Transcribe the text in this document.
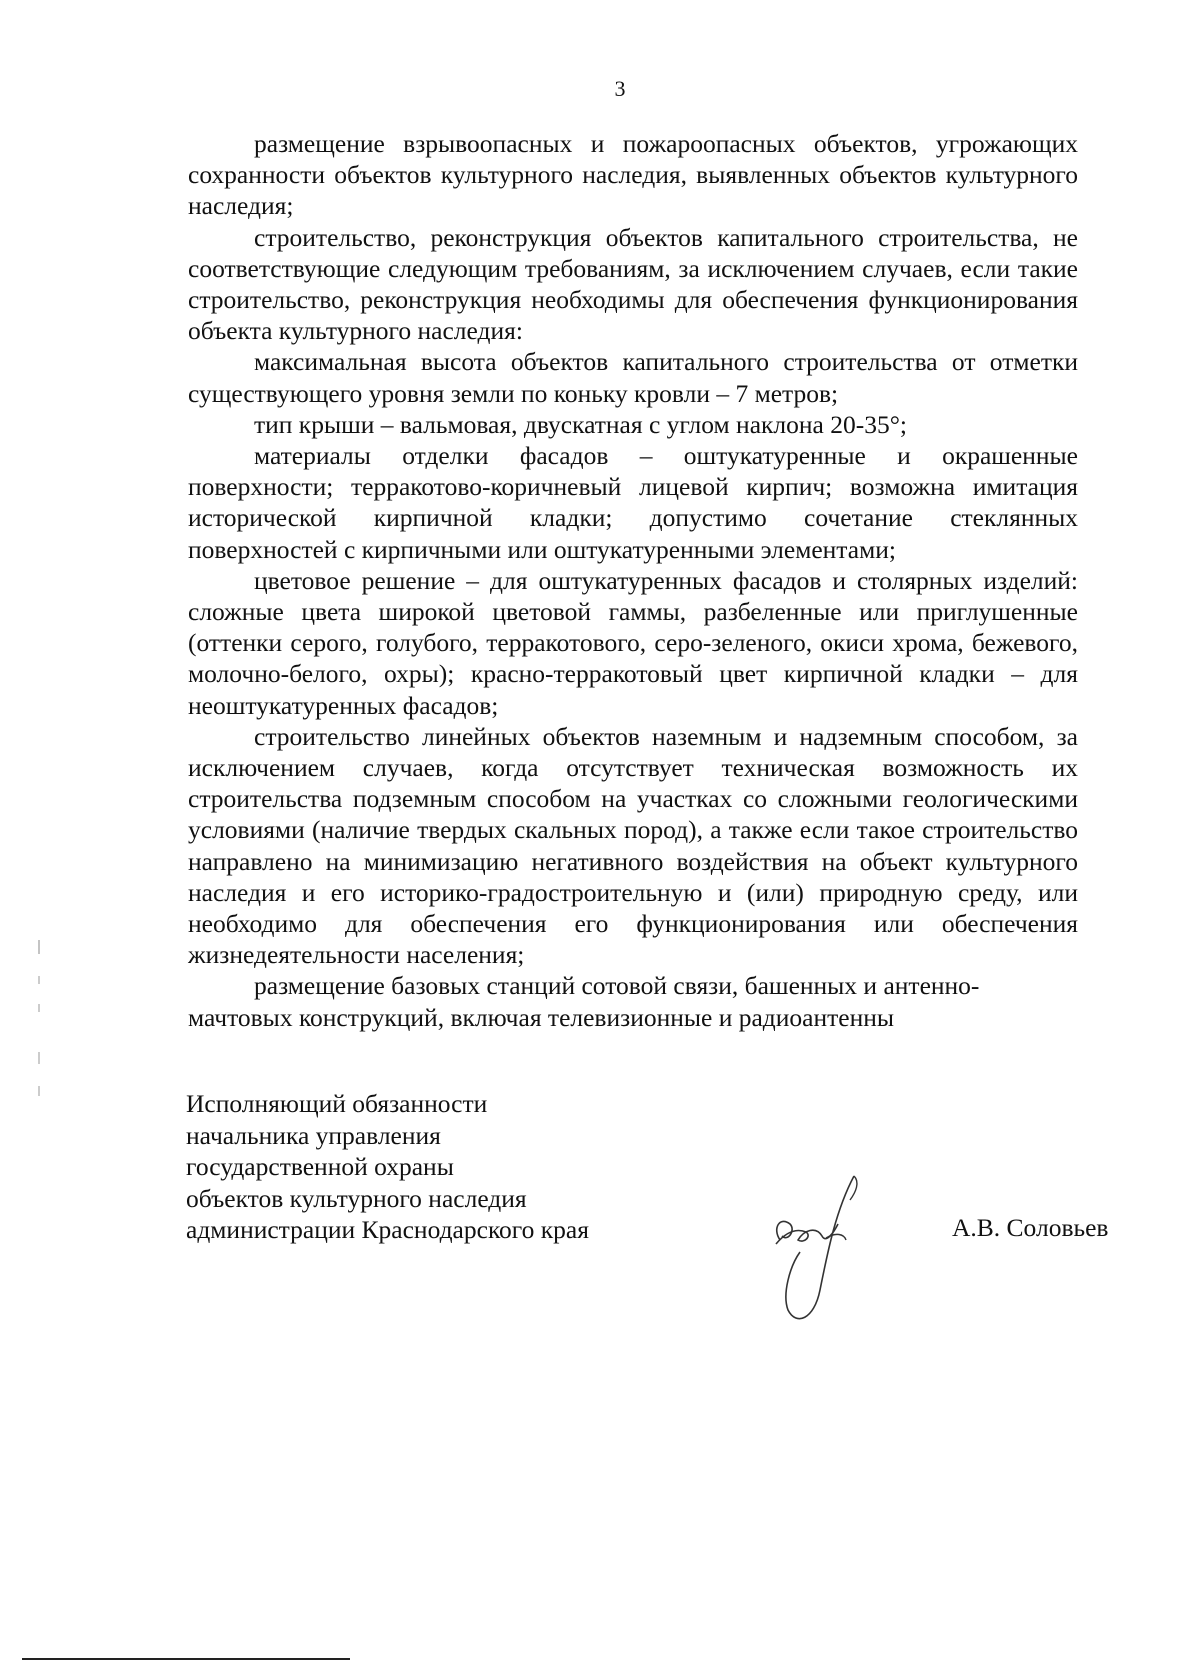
3

размещение взрывоопасных и пожароопасных объектов, угрожающих сохранности объектов культурного наследия, выявленных объектов культурного наследия;

строительство, реконструкция объектов капитального строительства, не соответствующие следующим требованиям, за исключением случаев, если такие строительство, реконструкция необходимы для обеспечения функционирования объекта культурного наследия:

максимальная высота объектов капитального строительства от отметки существующего уровня земли по коньку кровли – 7 метров;

тип крыши – вальмовая, двускатная с углом наклона 20-35°;

материалы отделки фасадов – оштукатуренные и окрашенные поверхности; терракотово-коричневый лицевой кирпич; возможна имитация исторической кирпичной кладки; допустимо сочетание стеклянных поверхностей с кирпичными или оштукатуренными элементами;

цветовое решение – для оштукатуренных фасадов и столярных изделий: сложные цвета широкой цветовой гаммы, разбеленные или приглушенные (оттенки серого, голубого, терракотового, серо-зеленого, окиси хрома, бежевого, молочно-белого, охры); красно-терракотовый цвет кирпичной кладки – для неоштукатуренных фасадов;

строительство линейных объектов наземным и надземным способом, за исключением случаев, когда отсутствует техническая возможность их строительства подземным способом на участках со сложными геологическими условиями (наличие твердых скальных пород), а также если такое строительство направлено на минимизацию негативного воздействия на объект культурного наследия и его историко-градостроительную и (или) природную среду, или необходимо для обеспечения его функционирования или обеспечения жизнедеятельности населения;

размещение базовых станций сотовой связи, башенных и антенно-мачтовых конструкций, включая телевизионные и радиоантенны

Исполняющий обязанности
начальника управления
государственной охраны
объектов культурного наследия
администрации Краснодарского края	А.В. Соловьев
